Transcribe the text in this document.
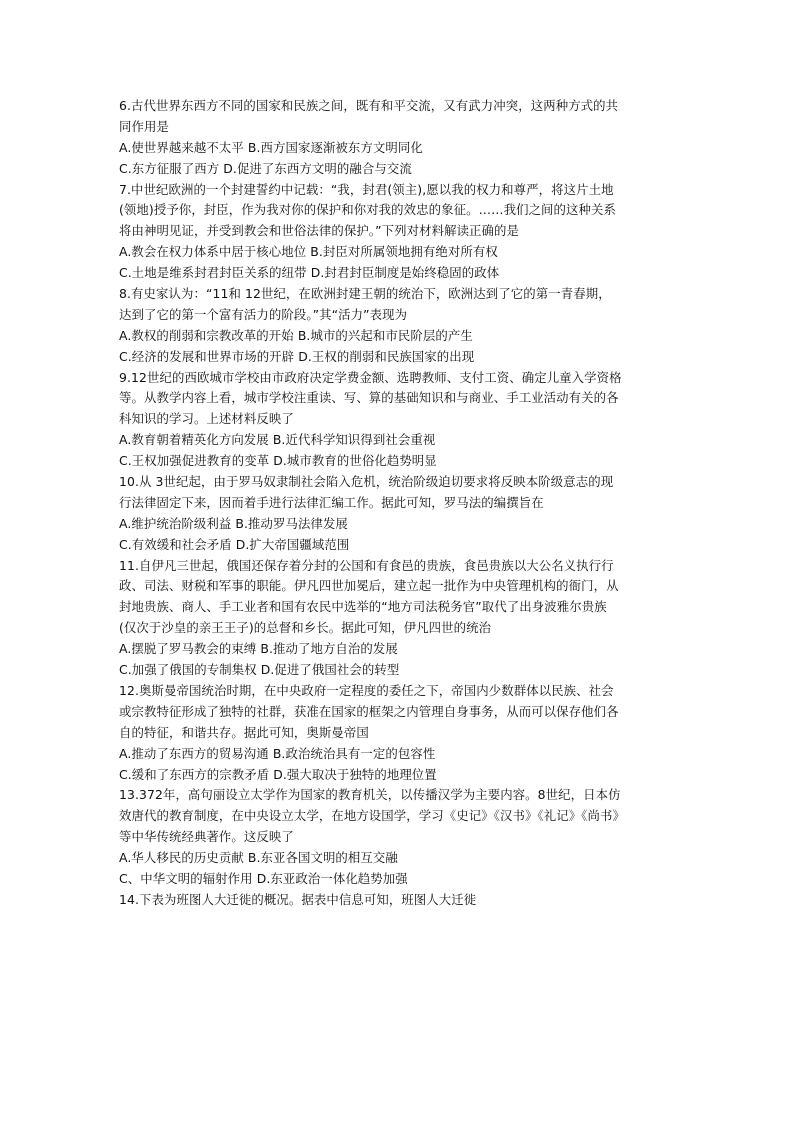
6.古代世界东西方不同的国家和民族之间，既有和平交流，又有武力冲突，这两种方式的共
同作用是
A.使世界越来越不太平 B.西方国家逐渐被东方文明同化
C.东方征服了西方 D.促进了东西方文明的融合与交流
7.中世纪欧洲的一个封建誓约中记载：“我，封君(领主),愿以我的权力和尊严，将这片土地
(领地)授予你，封臣，作为我对你的保护和你对我的效忠的象征。……我们之间的这种关系
将由神明见证，并受到教会和世俗法律的保护。”下列对材料解读正确的是
A.教会在权力体系中居于核心地位 B.封臣对所属领地拥有绝对所有权
C.土地是维系封君封臣关系的纽带 D.封君封臣制度是始终稳固的政体
8.有史家认为：“11和 12世纪，在欧洲封建王朝的统治下，欧洲达到了它的第一青春期，
达到了它的第一个富有活力的阶段。”其“活力”表现为
A.教权的削弱和宗教改革的开始 B.城市的兴起和市民阶层的产生
C.经济的发展和世界市场的开辟 D.王权的削弱和民族国家的出现
9.12世纪的西欧城市学校由市政府决定学费金额、选聘教师、支付工资、确定儿童入学资格
等。从教学内容上看，城市学校注重读、写、算的基础知识和与商业、手工业活动有关的各
科知识的学习。上述材料反映了
A.教育朝着精英化方向发展 B.近代科学知识得到社会重视
C.王权加强促进教育的变革 D.城市教育的世俗化趋势明显
10.从 3世纪起，由于罗马奴隶制社会陷入危机，统治阶级迫切要求将反映本阶级意志的现
行法律固定下来，因而着手进行法律汇编工作。据此可知，罗马法的编撰旨在
A.维护统治阶级利益 B.推动罗马法律发展
C.有效缓和社会矛盾 D.扩大帝国疆域范围
11.自伊凡三世起，俄国还保存着分封的公国和有食邑的贵族，食邑贵族以大公名义执行行
政、司法、财税和军事的职能。伊凡四世加冕后，建立起一批作为中央管理机构的衙门，从
封地贵族、商人、手工业者和国有农民中选举的“地方司法税务官”取代了出身波雅尔贵族
(仅次于沙皇的亲王王子)的总督和乡长。据此可知，伊凡四世的统治
A.摆脱了罗马教会的束缚 B.推动了地方自治的发展
C.加强了俄国的专制集权 D.促进了俄国社会的转型
12.奥斯曼帝国统治时期，在中央政府一定程度的委任之下，帝国内少数群体以民族、社会
或宗教特征形成了独特的社群，获准在国家的框架之内管理自身事务，从而可以保存他们各
自的特征，和谐共存。据此可知，奥斯曼帝国
A.推动了东西方的贸易沟通 B.政治统治具有一定的包容性
C.缓和了东西方的宗教矛盾 D.强大取决于独特的地理位置
13.372年，高句丽设立太学作为国家的教育机关，以传播汉学为主要内容。8世纪，日本仿
效唐代的教育制度，在中央设立太学，在地方设国学，学习《史记》《汉书》《礼记》《尚书》
等中华传统经典著作。这反映了
A.华人移民的历史贡献 B.东亚各国文明的相互交融
C、中华文明的辐射作用 D.东亚政治一体化趋势加强
14.下表为班图人大迁徙的概况。据表中信息可知，班图人大迁徙
